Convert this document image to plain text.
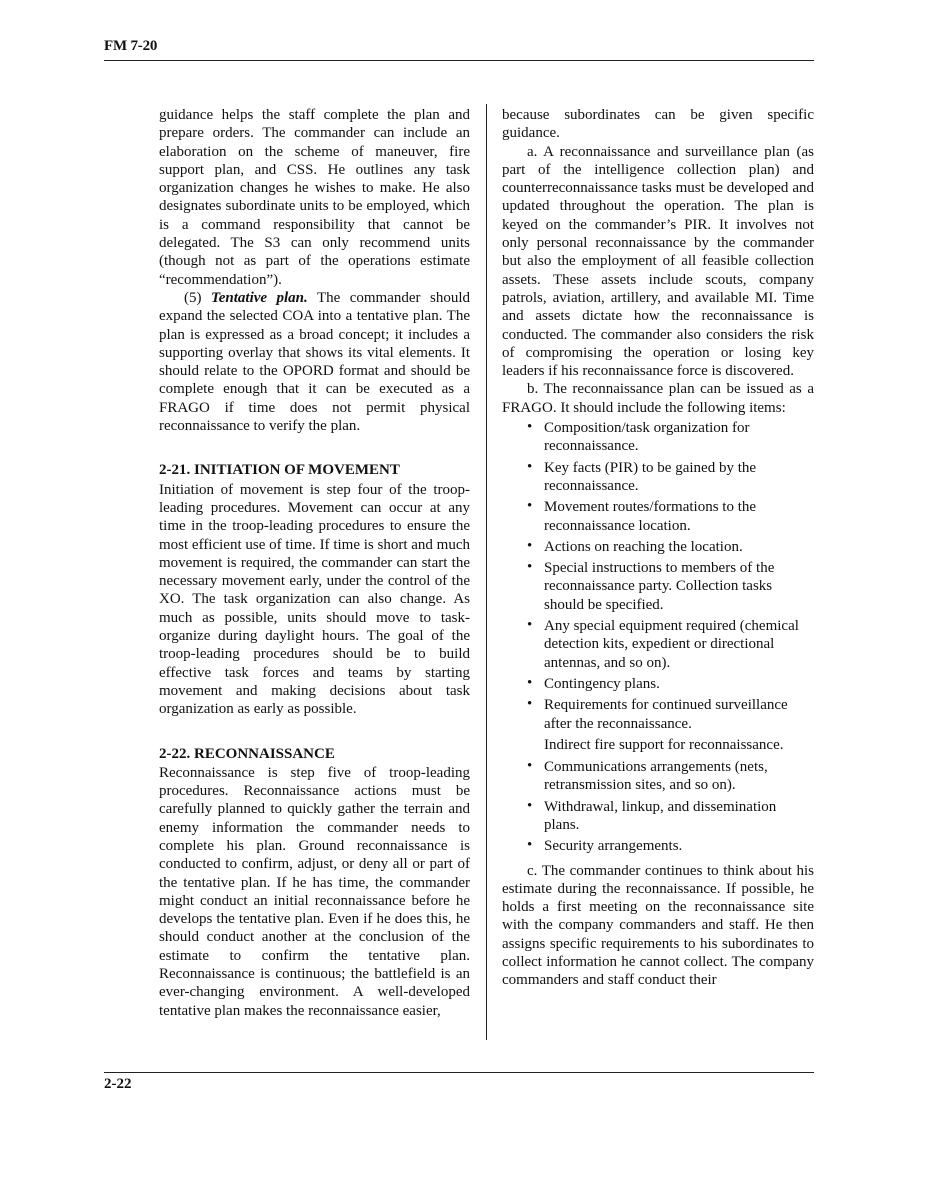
FM 7-20

guidance helps the staff complete the plan and prepare orders. The commander can include an elaboration on the scheme of maneuver, fire support plan, and CSS. He outlines any task organization changes he wishes to make. He also designates subordinate units to be employed, which is a command responsibility that cannot be delegated. The S3 can only recommend units (though not as part of the operations estimate “recommendation”).

(5) Tentative plan. The commander should expand the selected COA into a tentative plan. The plan is expressed as a broad concept; it includes a supporting overlay that shows its vital elements. It should relate to the OPORD format and should be complete enough that it can be executed as a FRAGO if time does not permit physical reconnaissance to verify the plan.

2-21. INITIATION OF MOVEMENT

Initiation of movement is step four of the troop-leading procedures. Movement can occur at any time in the troop-leading procedures to ensure the most efficient use of time. If time is short and much movement is required, the commander can start the necessary movement early, under the control of the XO. The task organization can also change. As much as possible, units should move to task-organize during daylight hours. The goal of the troop-leading procedures should be to build effective task forces and teams by starting movement and making decisions about task organization as early as possible.

2-22. RECONNAISSANCE

Reconnaissance is step five of troop-leading procedures. Reconnaissance actions must be carefully planned to quickly gather the terrain and enemy information the commander needs to complete his plan. Ground reconnaissance is conducted to confirm, adjust, or deny all or part of the tentative plan. If he has time, the commander might conduct an initial reconnaissance before he develops the tentative plan. Even if he does this, he should conduct another at the conclusion of the estimate to confirm the tentative plan. Reconnaissance is continuous; the battlefield is an ever-changing environment. A well-developed tentative plan makes the reconnaissance easier,

because subordinates can be given specific guidance.

a. A reconnaissance and surveillance plan (as part of the intelligence collection plan) and counterreconnaissance tasks must be developed and updated throughout the operation. The plan is keyed on the commander’s PIR. It involves not only personal reconnaissance by the commander but also the employment of all feasible collection assets. These assets include scouts, company patrols, aviation, artillery, and available MI. Time and assets dictate how the reconnaissance is conducted. The commander also considers the risk of compromising the operation or losing key leaders if his reconnaissance force is discovered.

b. The reconnaissance plan can be issued as a FRAGO. It should include the following items:

• Composition/task organization for reconnaissance.
• Key facts (PIR) to be gained by the reconnaissance.
• Movement routes/formations to the reconnaissance location.
• Actions on reaching the location.
• Special instructions to members of the reconnaissance party. Collection tasks should be specified.
• Any special equipment required (chemical detection kits, expedient or directional antennas, and so on).
• Contingency plans.
• Requirements for continued surveillance after the reconnaissance.

Indirect fire support for reconnaissance.

• Communications arrangements (nets, retransmission sites, and so on).
• Withdrawal, linkup, and dissemination plans.
• Security arrangements.

c. The commander continues to think about his estimate during the reconnaissance. If possible, he holds a first meeting on the reconnaissance site with the company commanders and staff. He then assigns specific requirements to his subordinates to collect information he cannot collect. The company commanders and staff conduct their

2-22
